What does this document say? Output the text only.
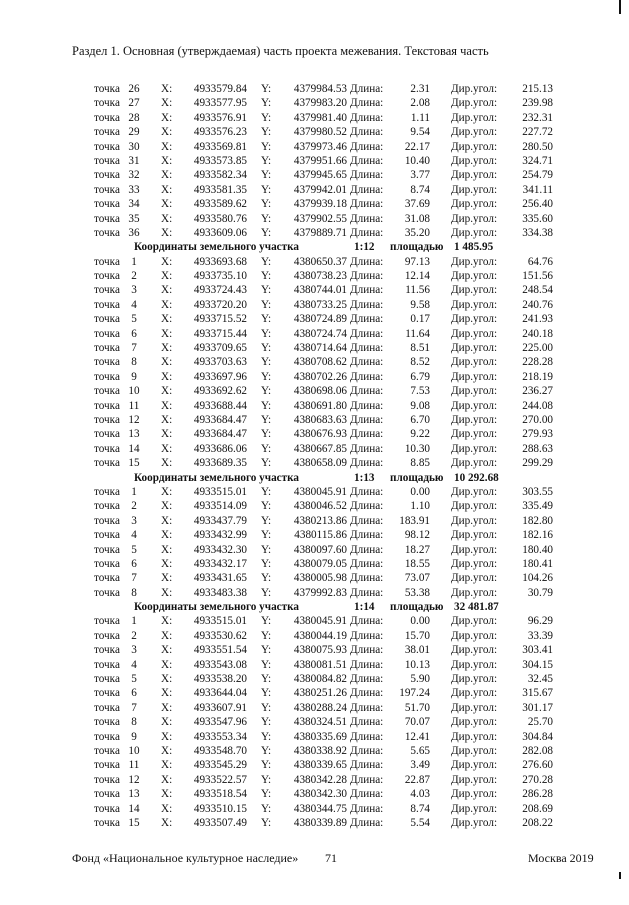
Раздел 1. Основная (утверждаемая) часть проекта межевания. Текстовая часть
точка 26	X:	4933579.84 Y:	4379984.53 Длина:	2.31 Дир.угол:	215.13
точка 27	X:	4933577.95 Y:	4379983.20 Длина:	2.08 Дир.угол:	239.98
точка 28	X:	4933576.91 Y:	4379981.40 Длина:	1.11 Дир.угол:	232.31
точка 29	X:	4933576.23 Y:	4379980.52 Длина:	9.54 Дир.угол:	227.72
точка 30	X:	4933569.81 Y:	4379973.46 Длина:	22.17 Дир.угол:	280.50
точка 31	X:	4933573.85 Y:	4379951.66 Длина:	10.40 Дир.угол:	324.71
точка 32	X:	4933582.34 Y:	4379945.65 Длина:	3.77 Дир.угол:	254.79
точка 33	X:	4933581.35 Y:	4379942.01 Длина:	8.74 Дир.угол:	341.11
точка 34	X:	4933589.62 Y:	4379939.18 Длина:	37.69 Дир.угол:	256.40
точка 35	X:	4933580.76 Y:	4379902.55 Длина:	31.08 Дир.угол:	335.60
точка 36	X:	4933609.06 Y:	4379889.71 Длина:	35.20 Дир.угол:	334.38
Координаты земельного участка	1:12 площадью 1 485.95
точка	1	X:	4933693.68 Y:	4380650.37 Длина:	97.13 Дир.угол:	64.76
точка	2	X:	4933735.10 Y:	4380738.23 Длина:	12.14 Дир.угол:	151.56
точка	3	X:	4933724.43 Y:	4380744.01 Длина:	11.56 Дир.угол:	248.54
точка	4	X:	4933720.20 Y:	4380733.25 Длина:	9.58 Дир.угол:	240.76
точка	5	X:	4933715.52 Y:	4380724.89 Длина:	0.17 Дир.угол:	241.93
точка	6	X:	4933715.44 Y:	4380724.74 Длина:	11.64 Дир.угол:	240.18
точка	7	X:	4933709.65 Y:	4380714.64 Длина:	8.51 Дир.угол:	225.00
точка	8	X:	4933703.63 Y:	4380708.62 Длина:	8.52 Дир.угол:	228.28
точка	9	X:	4933697.96 Y:	4380702.26 Длина:	6.79 Дир.угол:	218.19
точка 10	X:	4933692.62 Y:	4380698.06 Длина:	7.53 Дир.угол:	236.27
точка 11	X:	4933688.44 Y:	4380691.80 Длина:	9.08 Дир.угол:	244.08
точка 12	X:	4933684.47 Y:	4380683.63 Длина:	6.70 Дир.угол:	270.00
точка 13	X:	4933684.47 Y:	4380676.93 Длина:	9.22 Дир.угол:	279.93
точка 14	X:	4933686.06 Y:	4380667.85 Длина:	10.30 Дир.угол:	288.63
точка 15	X:	4933689.35 Y:	4380658.09 Длина:	8.85 Дир.угол:	299.29
Координаты земельного участка	1:13 площадью 10 292.68
точка	1	X:	4933515.01 Y:	4380045.91 Длина:	0.00 Дир.угол:	303.55
точка	2	X:	4933514.09 Y:	4380046.52 Длина:	1.10 Дир.угол:	335.49
точка	3	X:	4933437.79 Y:	4380213.86 Длина:	183.91 Дир.угол:	182.80
точка	4	X:	4933432.99 Y:	4380115.86 Длина:	98.12 Дир.угол:	182.16
точка	5	X:	4933432.30 Y:	4380097.60 Длина:	18.27 Дир.угол:	180.40
точка	6	X:	4933432.17 Y:	4380079.05 Длина:	18.55 Дир.угол:	180.41
точка	7	X:	4933431.65 Y:	4380005.98 Длина:	73.07 Дир.угол:	104.26
точка	8	X:	4933483.38 Y:	4379992.83 Длина:	53.38 Дир.угол:	30.79
Координаты земельного участка	1:14 площадью 32 481.87
точка	1	X:	4933515.01 Y:	4380045.91 Длина:	0.00 Дир.угол:	96.29
точка	2	X:	4933530.62 Y:	4380044.19 Длина:	15.70 Дир.угол:	33.39
точка	3	X:	4933551.54 Y:	4380075.93 Длина:	38.01 Дир.угол:	303.41
точка	4	X:	4933543.08 Y:	4380081.51 Длина:	10.13 Дир.угол:	304.15
точка	5	X:	4933538.20 Y:	4380084.82 Длина:	5.90 Дир.угол:	32.45
точка	6	X:	4933644.04 Y:	4380251.26 Длина:	197.24 Дир.угол:	315.67
точка	7	X:	4933607.91 Y:	4380288.24 Длина:	51.70 Дир.угол:	301.17
точка	8	X:	4933547.96 Y:	4380324.51 Длина:	70.07 Дир.угол:	25.70
точка	9	X:	4933553.34 Y:	4380335.69 Длина:	12.41 Дир.угол:	304.84
точка 10	X:	4933548.70 Y:	4380338.92 Длина:	5.65 Дир.угол:	282.08
точка 11	X:	4933545.29 Y:	4380339.65 Длина:	3.49 Дир.угол:	276.60
точка 12	X:	4933522.57 Y:	4380342.28 Длина:	22.87 Дир.угол:	270.28
точка 13	X:	4933518.54 Y:	4380342.30 Длина:	4.03 Дир.угол:	286.28
точка 14	X:	4933510.15 Y:	4380344.75 Длина:	8.74 Дир.угол:	208.69
точка 15	X:	4933507.49 Y:	4380339.89 Длина:	5.54 Дир.угол:	208.22
Фонд «Национальное культурное наследие» 71	Москва 2019
